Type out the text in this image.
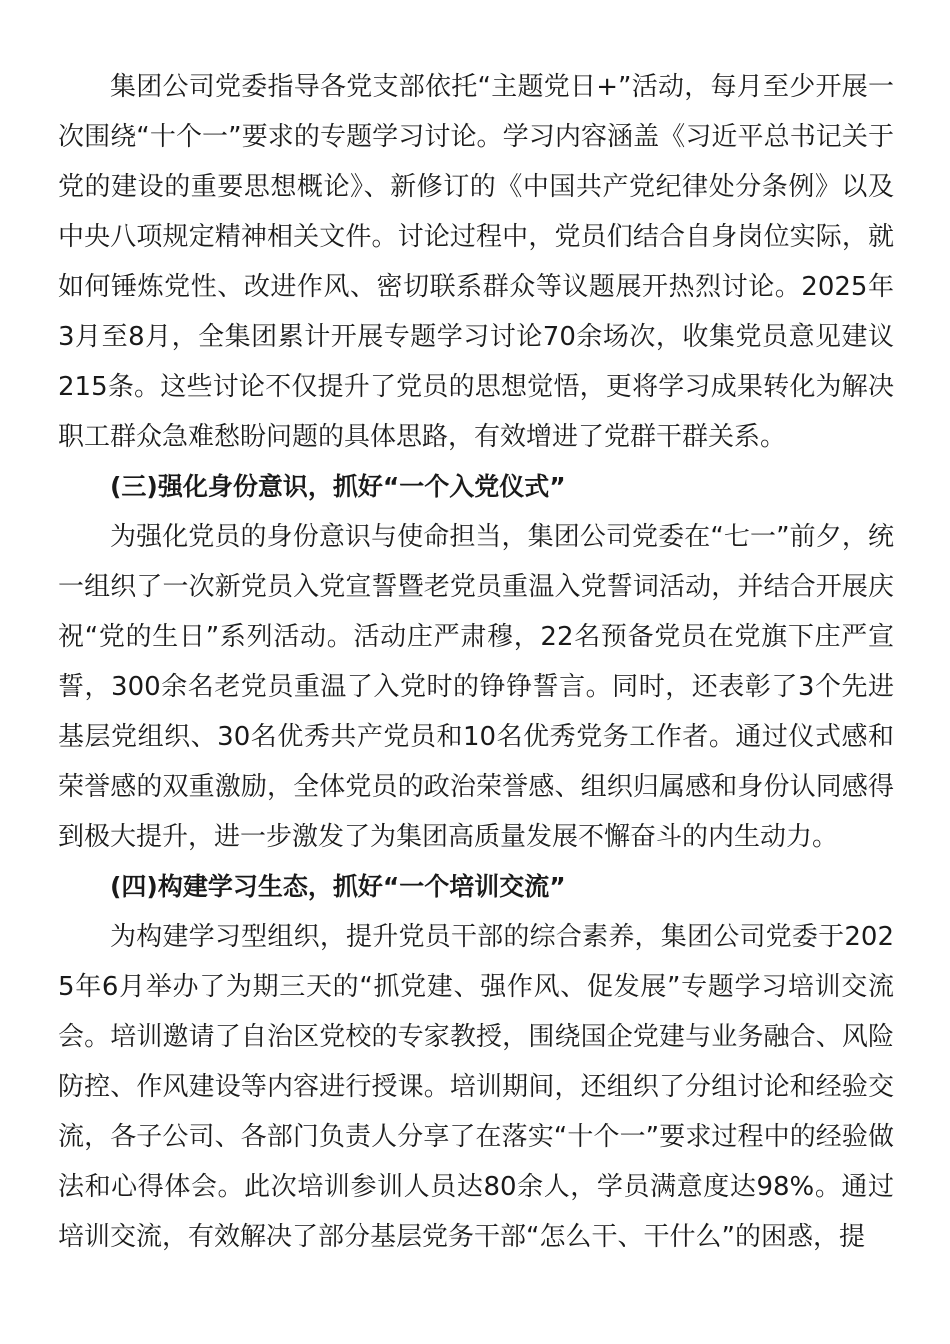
集团公司党委指导各党支部依托“主题党日+”活动，每月至少开展一次围绕“十个一”要求的专题学习讨论。学习内容涵盖《习近平总书记关于党的建设的重要思想概论》、新修订的《中国共产党纪律处分条例》以及中央八项规定精神相关文件。讨论过程中，党员们结合自身岗位实际，就如何锤炼党性、改进作风、密切联系群众等议题展开热烈讨论。2025年3月至8月，全集团累计开展专题学习讨论70余场次，收集党员意见建议215条。这些讨论不仅提升了党员的思想觉悟，更将学习成果转化为解决职工群众急难愁盼问题的具体思路，有效增进了党群干群关系。

(三)强化身份意识，抓好“一个入党仪式”

为强化党员的身份意识与使命担当，集团公司党委在“七一”前夕，统一组织了一次新党员入党宣誓暨老党员重温入党誓词活动，并结合开展庆祝“党的生日”系列活动。活动庄严肃穆，22名预备党员在党旗下庄严宣誓，300余名老党员重温了入党时的铮铮誓言。同时，还表彰了3个先进基层党组织、30名优秀共产党员和10名优秀党务工作者。通过仪式感和荣誉感的双重激励，全体党员的政治荣誉感、组织归属感和身份认同感得到极大提升，进一步激发了为集团高质量发展不懈奋斗的内生动力。

(四)构建学习生态，抓好“一个培训交流”

为构建学习型组织，提升党员干部的综合素养，集团公司党委于2025年6月举办了为期三天的“抓党建、强作风、促发展”专题学习培训交流会。培训邀请了自治区党校的专家教授，围绕国企党建与业务融合、风险防控、作风建设等内容进行授课。培训期间，还组织了分组讨论和经验交流，各子公司、各部门负责人分享了在落实“十个一”要求过程中的经验做法和心得体会。此次培训参训人员达80余人，学员满意度达98%。通过培训交流，有效解决了部分基层党务干部“怎么干、干什么”的困惑，提
